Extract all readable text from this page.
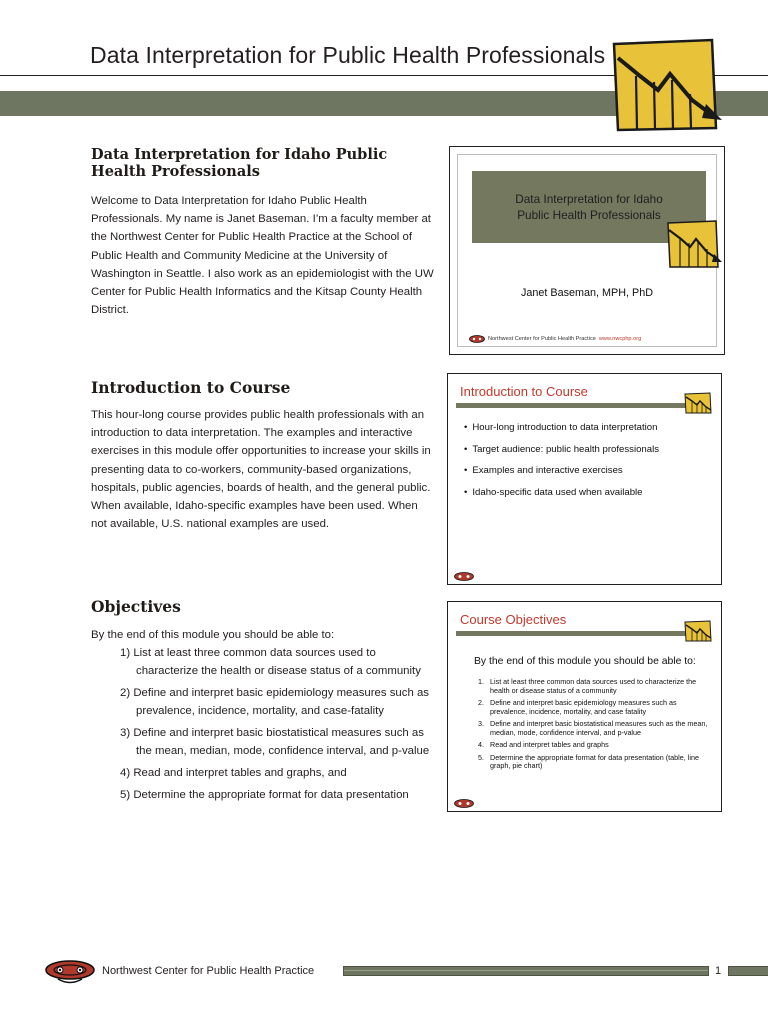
Data Interpretation for Public Health Professionals
Data Interpretation for Idaho Public Health Professionals

Welcome to Data Interpretation for Idaho Public Health Professionals. My name is Janet Baseman. I’m a faculty member at the Northwest Center for Public Health Practice at the School of Public Health and Community Medicine at the University of Washington in Seattle. I also work as an epidemiologist with the UW Center for Public Health Informatics and the Kitsap County Health District.

Introduction to Course

This hour-long course provides public health professionals with an introduction to data interpretation. The examples and interactive exercises in this module offer opportunities to increase your skills in presenting data to co-workers, community-based organizations, hospitals, public agencies, boards of health, and the general public. When available, Idaho-specific examples have been used. When not available, U.S. national examples are used.

Objectives

By the end of this module you should be able to:

1) List at least three common data sources used to characterize the health or disease status of a community
2) Define and interpret basic epidemiology measures such as prevalence, incidence, mortality, and case-fatality
3) Define and interpret basic biostatistical measures such as the mean, median, mode, confidence interval, and p-value
4) Read and interpret tables and graphs, and
5) Determine the appropriate format for data presentation
Data Interpretation for Idaho
Public Health Professionals
Janet Baseman, MPH, PhD
Northwest Center for Public Health Practice www.nwcphp.org
Introduction to Course
• Hour-long introduction to data interpretation
• Target audience: public health professionals
• Examples and interactive exercises
• Idaho-specific data used when available
Course Objectives
By the end of this module you should be able to:
1. List at least three common data sources used to characterize the health or disease status of a community
2. Define and interpret basic epidemiology measures such as prevalence, incidence, mortality, and case fatality
3. Define and interpret basic biostatistical measures such as the mean, median, mode, confidence interval, and p-value
4. Read and interpret tables and graphs
5. Determine the appropriate format for data presentation (table, line graph, pie chart)
Northwest Center for Public Health Practice	1
